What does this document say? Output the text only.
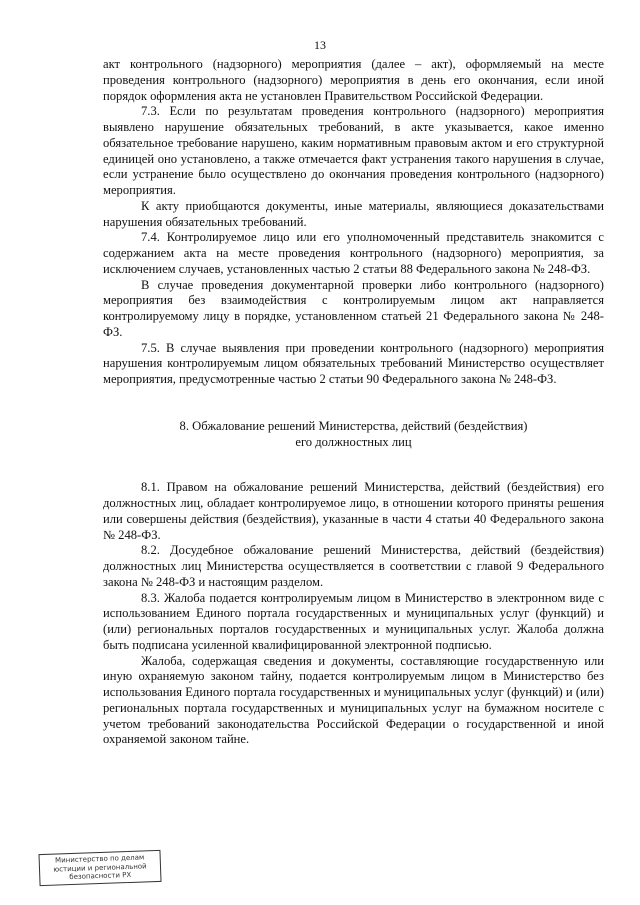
13

акт контрольного (надзорного) мероприятия (далее – акт), оформляемый на месте проведения контрольного (надзорного) мероприятия в день его окончания, если иной порядок оформления акта не установлен Правительством Российской Федерации.

7.3. Если по результатам проведения контрольного (надзорного) мероприятия выявлено нарушение обязательных требований, в акте указывается, какое именно обязательное требование нарушено, каким нормативным правовым актом и его структурной единицей оно установлено, а также отмечается факт устранения такого нарушения в случае, если устранение было осуществлено до окончания проведения контрольного (надзорного) мероприятия.

К акту приобщаются документы, иные материалы, являющиеся доказательствами нарушения обязательных требований.

7.4. Контролируемое лицо или его уполномоченный представитель знакомится с содержанием акта на месте проведения контрольного (надзорного) мероприятия, за исключением случаев, установленных частью 2 статьи 88 Федерального закона № 248-ФЗ.

В случае проведения документарной проверки либо контрольного (надзорного) мероприятия без взаимодействия с контролируемым лицом акт направляется контролируемому лицу в порядке, установленном статьей 21 Федерального закона № 248-ФЗ.

7.5. В случае выявления при проведении контрольного (надзорного) мероприятия нарушения контролируемым лицом обязательных требований Министерство осуществляет мероприятия, предусмотренные частью 2 статьи 90 Федерального закона № 248-ФЗ.

8. Обжалование решений Министерства, действий (бездействия)
его должностных лиц

8.1. Правом на обжалование решений Министерства, действий (бездействия) его должностных лиц, обладает контролируемое лицо, в отношении которого приняты решения или совершены действия (бездействия), указанные в части 4 статьи 40 Федерального закона № 248-ФЗ.

8.2. Досудебное обжалование решений Министерства, действий (бездействия) должностных лиц Министерства осуществляется в соответствии с главой 9 Федерального закона № 248-ФЗ и настоящим разделом.

8.3. Жалоба подается контролируемым лицом в Министерство в электронном виде с использованием Единого портала государственных и муниципальных услуг (функций) и (или) региональных порталов государственных и муниципальных услуг. Жалоба должна быть подписана усиленной квалифицированной электронной подписью.

Жалоба, содержащая сведения и документы, составляющие государственную или иную охраняемую законом тайну, подается контролируемым лицом в Министерство без использования Единого портала государственных и муниципальных услуг (функций) и (или) региональных портала государственных и муниципальных услуг на бумажном носителе с учетом требований законодательства Российской Федерации о государственной и иной охраняемой законом тайне.

Министерство по делам
юстиции и региональной
безопасности РХ
